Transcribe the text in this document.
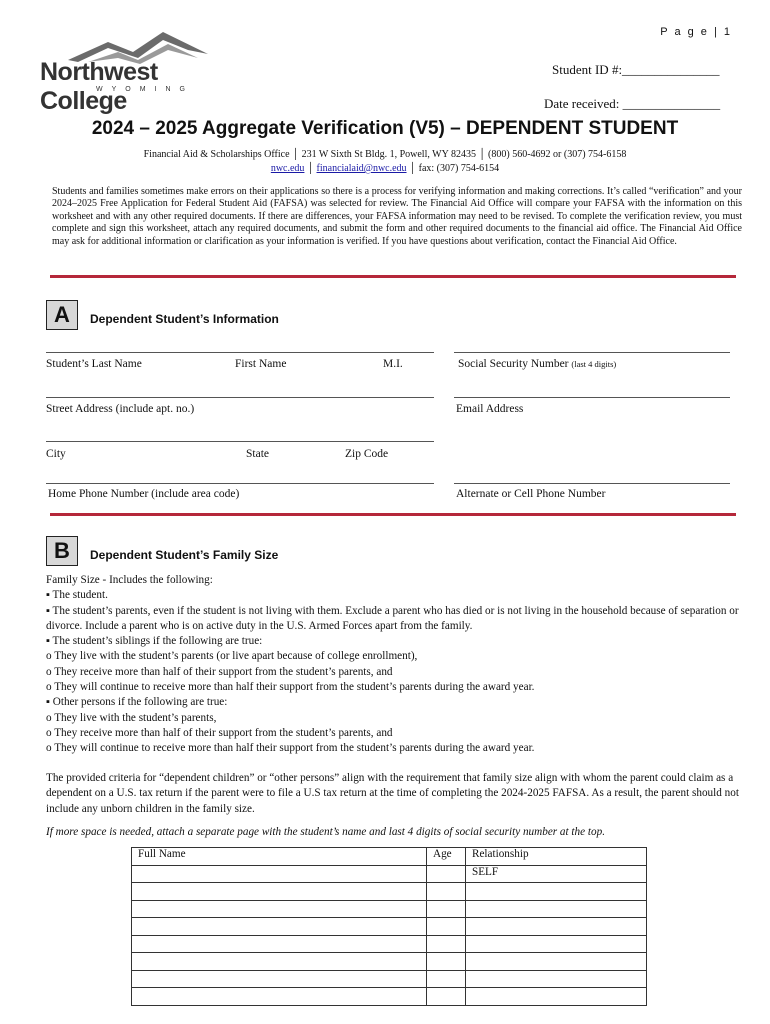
P a g e | 1
Northwest College
WYOMING
Student ID #:_______________
Date received: _______________
2024 – 2025 Aggregate Verification (V5) – DEPENDENT STUDENT
Financial Aid & Scholarships Office │ 231 W Sixth St Bldg. 1, Powell, WY 82435 │ (800) 560-4692 or (307) 754-6158
nwc.edu │ financialaid@nwc.edu │ fax: (307) 754-6154
Students and families sometimes make errors on their applications so there is a process for verifying information and making corrections. It’s called “verification” and your 2024–2025 Free Application for Federal Student Aid (FAFSA) was selected for review. The Financial Aid Office will compare your FAFSA with the information on this worksheet and with any other required documents. If there are differences, your FAFSA information may need to be revised. To complete the verification review, you must complete and sign this worksheet, attach any required documents, and submit the form and other required documents to the financial aid office. The Financial Aid Office may ask for additional information or clarification as your information is verified. If you have questions about verification, contact the Financial Aid Office.
A	Dependent Student’s Information
Student’s Last Name	First Name	M.I.	Social Security Number (last 4 digits)
Street Address (include apt. no.)	Email Address
City	State	Zip Code
Home Phone Number (include area code)	Alternate or Cell Phone Number
B	Dependent Student’s Family Size
Family Size - Includes the following:
▪ The student.
▪ The student’s parents, even if the student is not living with them. Exclude a parent who has died or is not living in the household because of separation or divorce. Include a parent who is on active duty in the U.S. Armed Forces apart from the family.
▪ The student’s siblings if the following are true:
o They live with the student’s parents (or live apart because of college enrollment),
o They receive more than half of their support from the student’s parents, and
o They will continue to receive more than half their support from the student’s parents during the award year.
▪ Other persons if the following are true:
o They live with the student’s parents,
o They receive more than half of their support from the student’s parents, and
o They will continue to receive more than half their support from the student’s parents during the award year.
The provided criteria for “dependent children” or “other persons” align with the requirement that family size align with whom the parent could claim as a dependent on a U.S. tax return if the parent were to file a U.S tax return at the time of completing the 2024-2025 FAFSA. As a result, the parent should not include any unborn children in the family size.
If more space is needed, attach a separate page with the student’s name and last 4 digits of social security number at the top.
Full Name	Age	Relationship
		SELF
